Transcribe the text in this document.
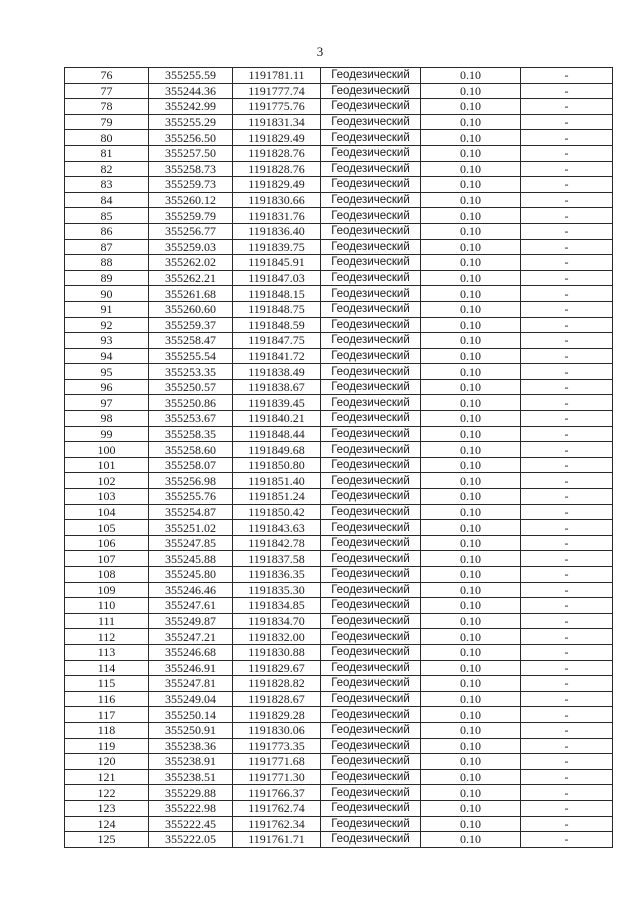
3
76	355255.59	1191781.11	Геодезический	0.10	-
77	355244.36	1191777.74	Геодезический	0.10	-
78	355242.99	1191775.76	Геодезический	0.10	-
79	355255.29	1191831.34	Геодезический	0.10	-
80	355256.50	1191829.49	Геодезический	0.10	-
81	355257.50	1191828.76	Геодезический	0.10	-
82	355258.73	1191828.76	Геодезический	0.10	-
83	355259.73	1191829.49	Геодезический	0.10	-
84	355260.12	1191830.66	Геодезический	0.10	-
85	355259.79	1191831.76	Геодезический	0.10	-
86	355256.77	1191836.40	Геодезический	0.10	-
87	355259.03	1191839.75	Геодезический	0.10	-
88	355262.02	1191845.91	Геодезический	0.10	-
89	355262.21	1191847.03	Геодезический	0.10	-
90	355261.68	1191848.15	Геодезический	0.10	-
91	355260.60	1191848.75	Геодезический	0.10	-
92	355259.37	1191848.59	Геодезический	0.10	-
93	355258.47	1191847.75	Геодезический	0.10	-
94	355255.54	1191841.72	Геодезический	0.10	-
95	355253.35	1191838.49	Геодезический	0.10	-
96	355250.57	1191838.67	Геодезический	0.10	-
97	355250.86	1191839.45	Геодезический	0.10	-
98	355253.67	1191840.21	Геодезический	0.10	-
99	355258.35	1191848.44	Геодезический	0.10	-
100	355258.60	1191849.68	Геодезический	0.10	-
101	355258.07	1191850.80	Геодезический	0.10	-
102	355256.98	1191851.40	Геодезический	0.10	-
103	355255.76	1191851.24	Геодезический	0.10	-
104	355254.87	1191850.42	Геодезический	0.10	-
105	355251.02	1191843.63	Геодезический	0.10	-
106	355247.85	1191842.78	Геодезический	0.10	-
107	355245.88	1191837.58	Геодезический	0.10	-
108	355245.80	1191836.35	Геодезический	0.10	-
109	355246.46	1191835.30	Геодезический	0.10	-
110	355247.61	1191834.85	Геодезический	0.10	-
111	355249.87	1191834.70	Геодезический	0.10	-
112	355247.21	1191832.00	Геодезический	0.10	-
113	355246.68	1191830.88	Геодезический	0.10	-
114	355246.91	1191829.67	Геодезический	0.10	-
115	355247.81	1191828.82	Геодезический	0.10	-
116	355249.04	1191828.67	Геодезический	0.10	-
117	355250.14	1191829.28	Геодезический	0.10	-
118	355250.91	1191830.06	Геодезический	0.10	-
119	355238.36	1191773.35	Геодезический	0.10	-
120	355238.91	1191771.68	Геодезический	0.10	-
121	355238.51	1191771.30	Геодезический	0.10	-
122	355229.88	1191766.37	Геодезический	0.10	-
123	355222.98	1191762.74	Геодезический	0.10	-
124	355222.45	1191762.34	Геодезический	0.10	-
125	355222.05	1191761.71	Геодезический	0.10	-
